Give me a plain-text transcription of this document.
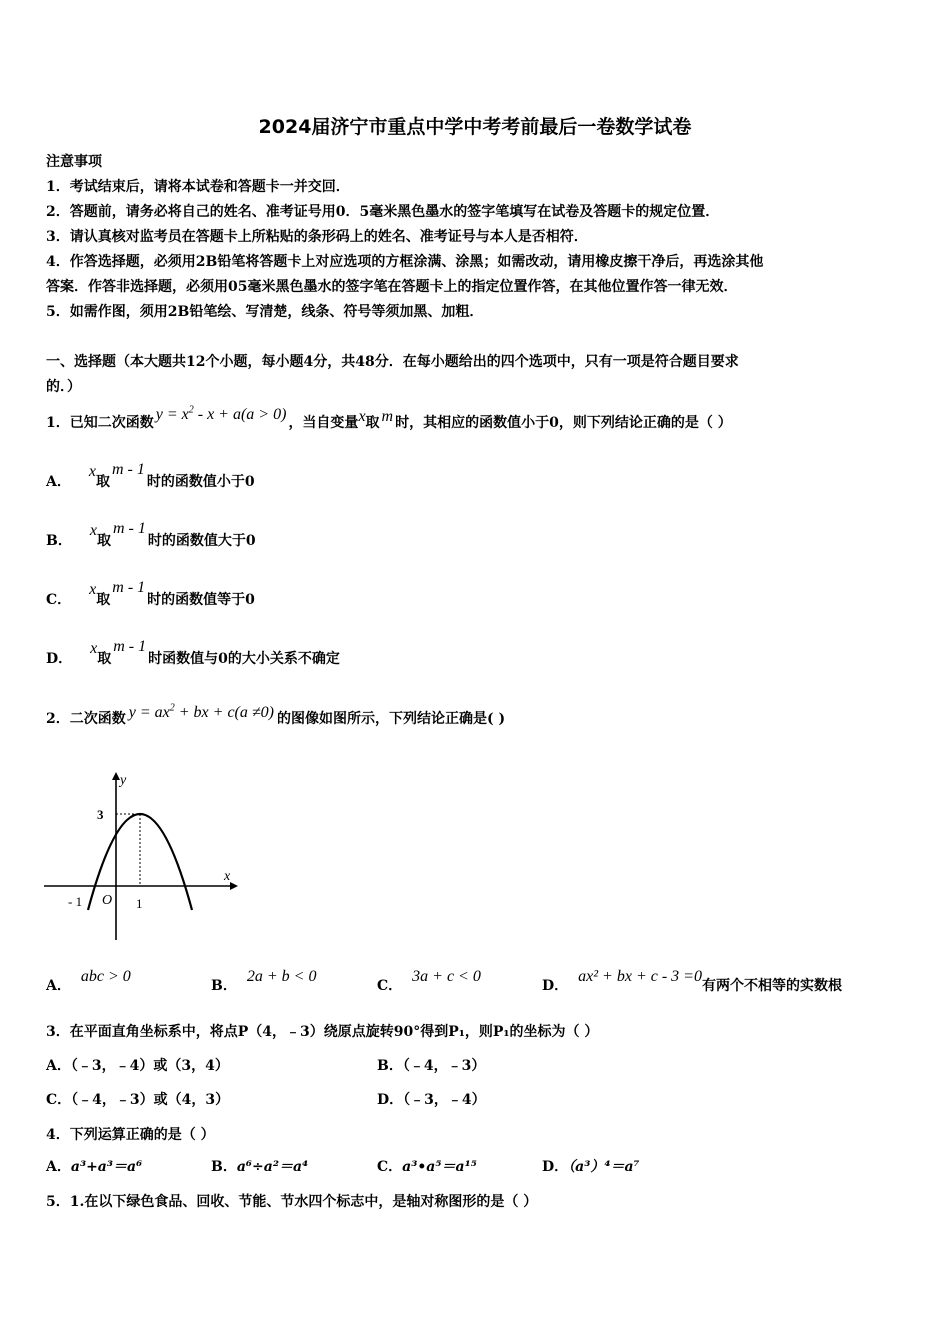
2024届济宁市重点中学中考考前最后一卷数学试卷
注意事项
1．考试结束后，请将本试卷和答题卡一并交回．
2．答题前，请务必将自己的姓名、准考证号用0．5毫米黑色墨水的签字笔填写在试卷及答题卡的规定位置．
3．请认真核对监考员在答题卡上所粘贴的条形码上的姓名、准考证号与本人是否相符．
4．作答选择题，必须用2B铅笔将答题卡上对应选项的方框涂满、涂黑；如需改动，请用橡皮擦干净后，再选涂其他
答案．作答非选择题，必须用05毫米黑色墨水的签字笔在答题卡上的指定位置作答，在其他位置作答一律无效．
5．如需作图，须用2B铅笔绘、写清楚，线条、符号等须加黑、加粗．
一、选择题（本大题共12个小题，每小题4分，共48分．在每小题给出的四个选项中，只有一项是符合题目要求
的．）
1．已知二次函数 $y = x^2 - x + a(a > 0)$ ，当自变量x取 m 时，其相应的函数值小于0，则下列结论正确的是（ ）
A．x取m - 1时的函数值小于0
B．x取m - 1时的函数值大于0
C．x取m - 1时的函数值等于0
D．x取m - 1时函数值与0的大小关系不确定
2．二次函数 $y = ax^2$ + bx + c(a ≠0) 的图像如图所示，下列结论正确是( )
y
x
3
- 1 O 1
A．abc > 0
B．2a + b < 0
C．3a + c < 0
D．ax² + bx + c - 3 =0有两个不相等的实数根
3．在平面直角坐标系中，将点P（4，﹣3）绕原点旋转90°得到P₁，则P₁的坐标为（ ）
A．（﹣3，﹣4）或（3，4）	B．（﹣4，﹣3）
C．（﹣4，﹣3）或（4，3）	D．（﹣3，﹣4）
4．下列运算正确的是（ ）
A．a³+a³＝a⁶	B．a⁶÷a²＝a⁴	C．a³•a⁵＝a¹⁵	D．（a³）⁴＝a⁷
5．1.在以下绿色食品、回收、节能、节水四个标志中，是轴对称图形的是（ ）
